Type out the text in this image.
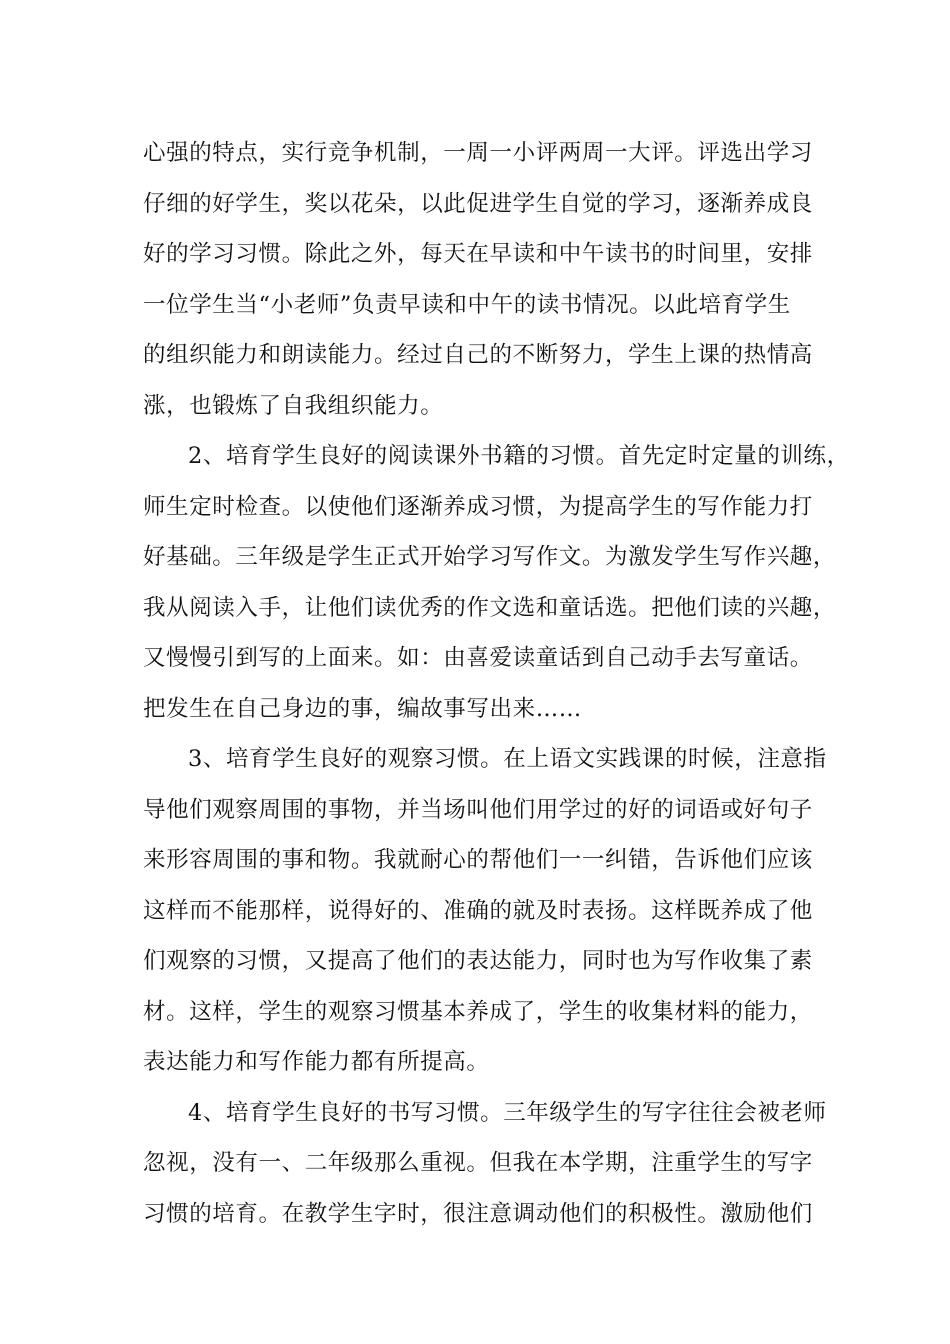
心强的特点，实行竞争机制，一周一小评两周一大评。评选出学习
仔细的好学生，奖以花朵，以此促进学生自觉的学习，逐渐养成良
好的学习习惯。除此之外，每天在早读和中午读书的时间里，安排
一位学生当“小老师”负责早读和中午的读书情况。以此培育学生
的组织能力和朗读能力。经过自己的不断努力，学生上课的热情高
涨，也锻炼了自我组织能力。
2、培育学生良好的阅读课外书籍的习惯。首先定时定量的训练，
师生定时检查。以使他们逐渐养成习惯，为提高学生的写作能力打
好基础。三年级是学生正式开始学习写作文。为激发学生写作兴趣，
我从阅读入手，让他们读优秀的作文选和童话选。把他们读的兴趣，
又慢慢引到写的上面来。如：由喜爱读童话到自己动手去写童话。
把发生在自己身边的事，编故事写出来……
3、培育学生良好的观察习惯。在上语文实践课的时候，注意指
导他们观察周围的事物，并当场叫他们用学过的好的词语或好句子
来形容周围的事和物。我就耐心的帮他们一一纠错，告诉他们应该
这样而不能那样，说得好的、准确的就及时表扬。这样既养成了他
们观察的习惯，又提高了他们的表达能力，同时也为写作收集了素
材。这样，学生的观察习惯基本养成了，学生的收集材料的能力，
表达能力和写作能力都有所提高。
4、培育学生良好的书写习惯。三年级学生的写字往往会被老师
忽视，没有一、二年级那么重视。但我在本学期，注重学生的写字
习惯的培育。在教学生字时，很注意调动他们的积极性。激励他们
